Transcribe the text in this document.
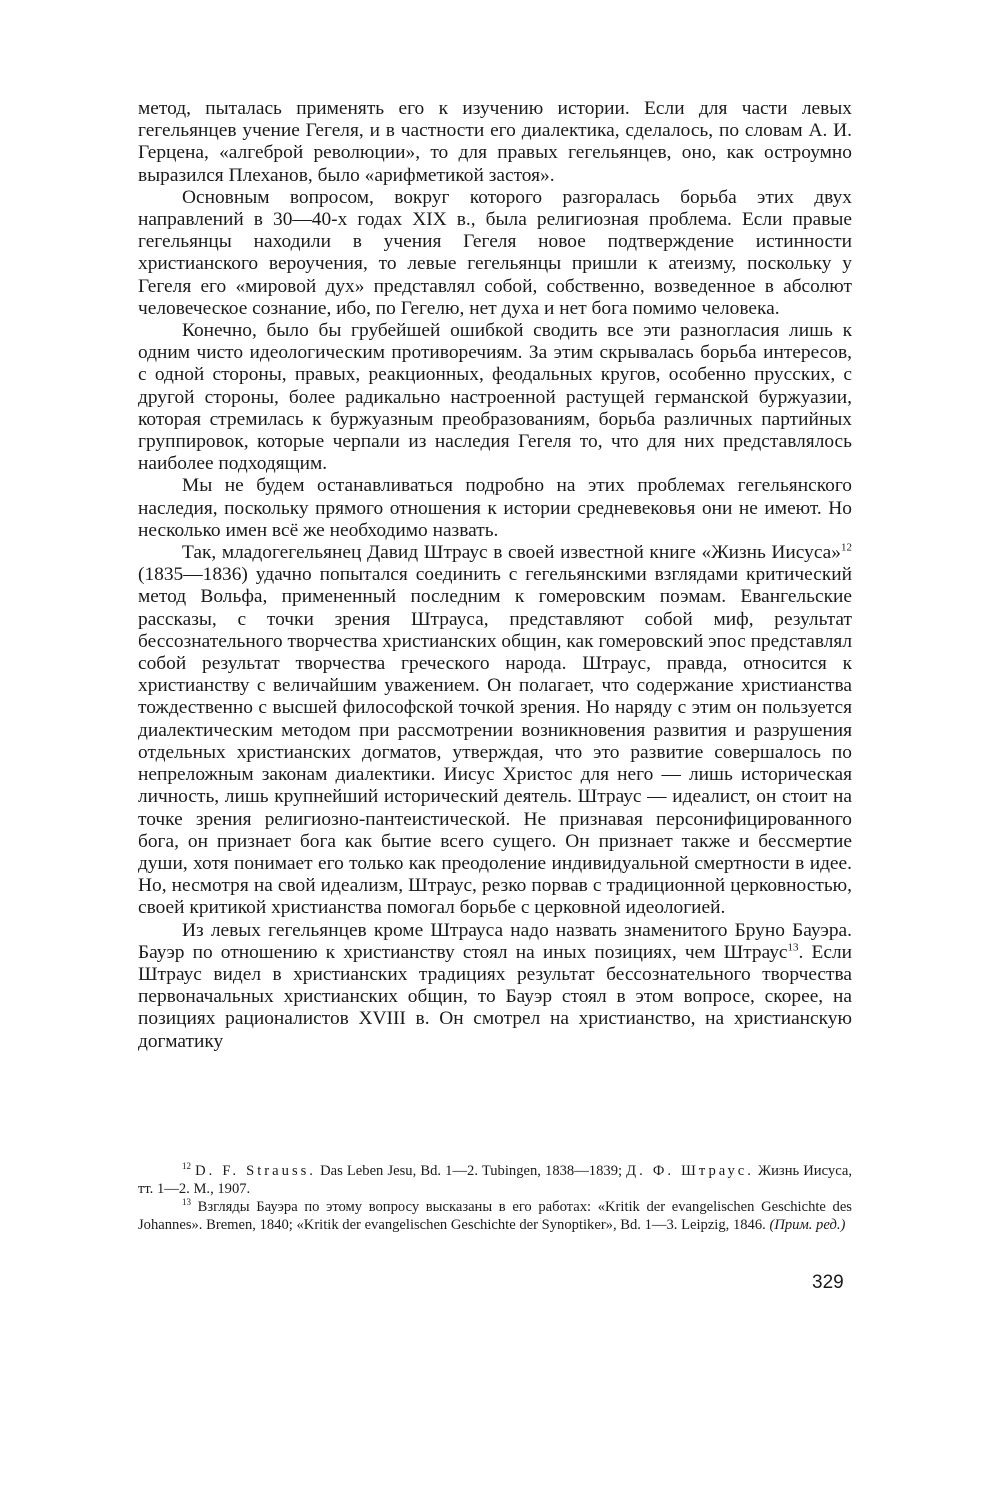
метод, пыталась применять его к изучению истории. Если для части левых гегельянцев учение Гегеля, и в частности его диалектика, сделалось, по словам А. И. Герцена, «алгеброй революции», то для правых гегельянцев, оно, как остроумно выразился Плеханов, было «арифметикой застоя».

Основным вопросом, вокруг которого разгоралась борьба этих двух направлений в 30—40-х годах XIX в., была религиозная проблема. Если правые гегельянцы находили в учения Гегеля новое подтверждение истинности христианского вероучения, то левые гегельянцы пришли к атеизму, поскольку у Гегеля его «мировой дух» представлял собой, собственно, возведенное в абсолют человеческое сознание, ибо, по Гегелю, нет духа и нет бога помимо человека.

Конечно, было бы грубейшей ошибкой сводить все эти разногласия лишь к одним чисто идеологическим противоречиям. За этим скрывалась борьба интересов, с одной стороны, правых, реакционных, феодальных кругов, особенно прусских, с другой стороны, более радикально настроенной растущей германской буржуазии, которая стремилась к буржуазным преобразованиям, борьба различных партийных группировок, которые черпали из наследия Гегеля то, что для них представлялось наиболее подходящим.

Мы не будем останавливаться подробно на этих проблемах гегельянского наследия, поскольку прямого отношения к истории средневековья они не имеют. Но несколько имен всё же необходимо назвать.

Так, младогегельянец Давид Штраус в своей известной книге «Жизнь Иисуса»$^{12}$ (1835—1836) удачно попытался соединить с гегельянскими взглядами критический метод Вольфа, примененный последним к гомеровским поэмам. Евангельские рассказы, с точки зрения Штрауса, представляют собой миф, результат бессознательного творчества христианских общин, как гомеровский эпос представлял собой результат творчества греческого народа. Штраус, правда, относится к христианству с величайшим уважением. Он полагает, что содержание христианства тождественно с высшей философской точкой зрения. Но наряду с этим он пользуется диалектическим методом при рассмотрении возникновения развития и разрушения отдельных христианских догматов, утверждая, что это развитие совершалось по непреложным законам диалектики. Иисус Христос для него — лишь историческая личность, лишь крупнейший исторический деятель. Штраус — идеалист, он стоит на точке зрения религиозно-пантеистической. Не признавая персонифицированного бога, он признает бога как бытие всего сущего. Он признает также и бессмертие души, хотя понимает его только как преодоление индивидуальной смертности в идее. Но, несмотря на свой идеализм, Штраус, резко порвав с традиционной церковностью, своей критикой христианства помогал борьбе с церковной идеологией.

Из левых гегельянцев кроме Штрауса надо назвать знаменитого Бруно Бауэра. Бауэр по отношению к христианству стоял на иных позициях, чем Штраус$^{13}$. Если Штраус видел в христианских традициях результат бессознательного творчества первоначальных христианских общин, то Бауэр стоял в этом вопросе, скорее, на позициях рационалистов XVIII в. Он смотрел на христианство, на христианскую догматику

$^{12}$ D. F. Strauss. Das Leben Jesu, Bd. 1—2. Tubingen, 1838—1839; Д. Ф. Штраус. Жизнь Иисуса, тт. 1—2. М., 1907.

$^{13}$ Взгляды Бауэра по этому вопросу высказаны в его работах: «Kritik der evangelischen Geschichte des Johannes». Bremen, 1840; «Kritik der evangelischen Geschichte der Synoptiker», Bd. 1—3. Leipzig, 1846. (Прим. ред.)

329
